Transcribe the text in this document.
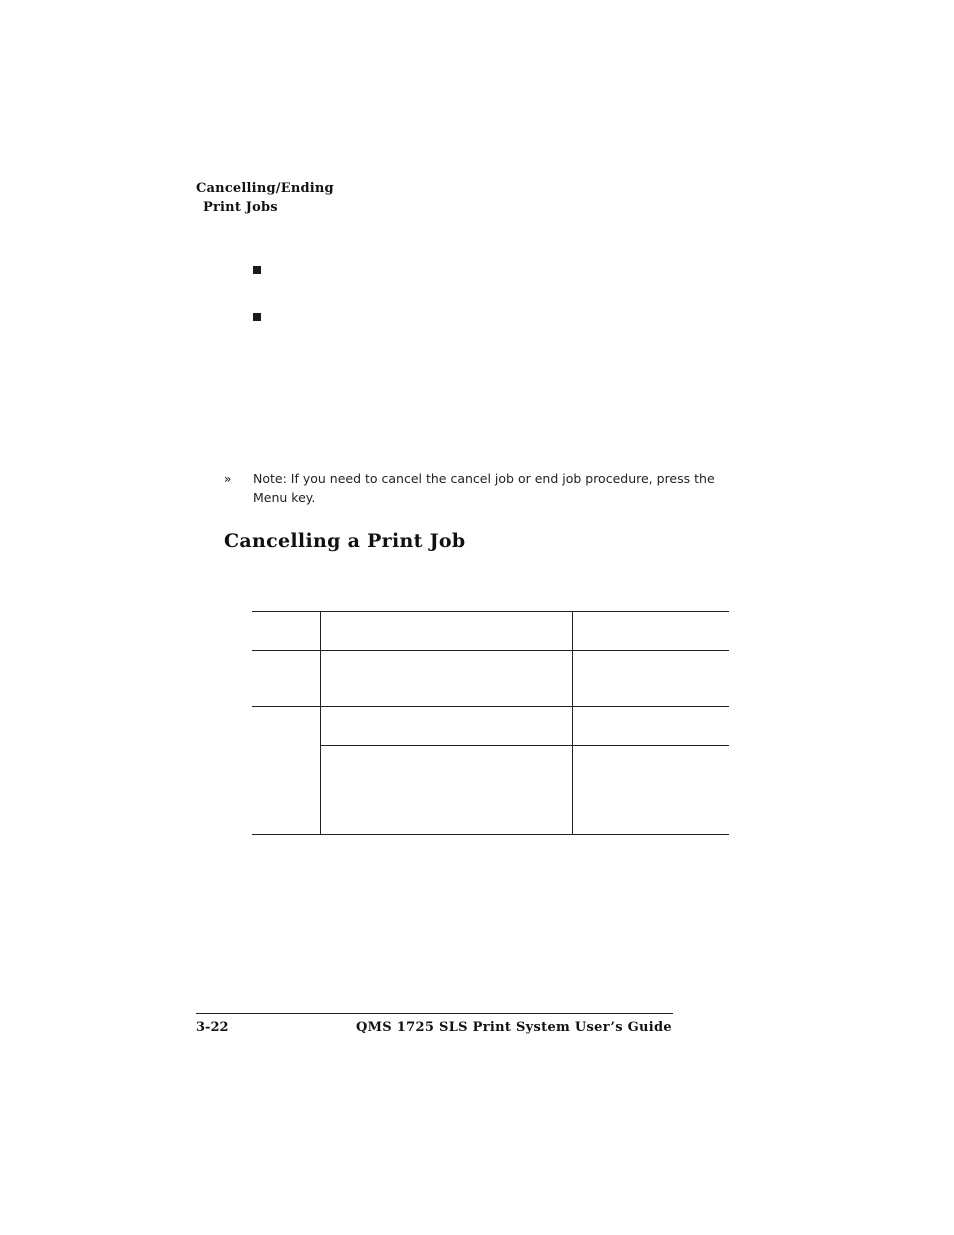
Cancelling/Ending
Print Jobs
» Note: If you need to cancel the cancel job or end job procedure, press the Menu key.
Cancelling a Print Job
3-22	QMS 1725 SLS Print System User’s Guide
